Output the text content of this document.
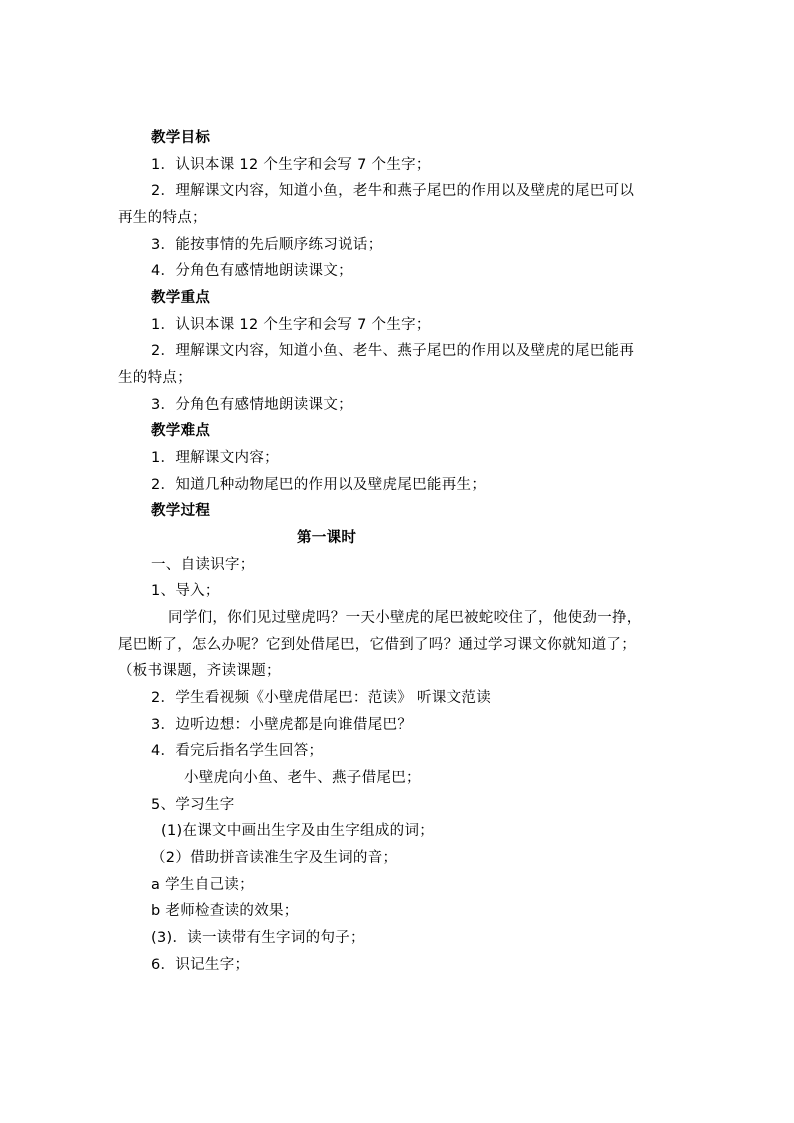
教学目标
1．认识本课 12 个生字和会写 7 个生字；
2．理解课文内容，知道小鱼，老牛和燕子尾巴的作用以及壁虎的尾巴可以
再生的特点；
3．能按事情的先后顺序练习说话；
4．分角色有感情地朗读课文；
教学重点
1．认识本课 12 个生字和会写 7 个生字；
2．理解课文内容，知道小鱼、老牛、燕子尾巴的作用以及壁虎的尾巴能再
生的特点；
3．分角色有感情地朗读课文；
教学难点
1．理解课文内容；
2．知道几种动物尾巴的作用以及壁虎尾巴能再生；
教学过程
第一课时
一、自读识字；
1、导入；
同学们，你们见过壁虎吗？一天小壁虎的尾巴被蛇咬住了，他使劲一挣，
尾巴断了，怎么办呢？它到处借尾巴，它借到了吗？通过学习课文你就知道了；
（板书课题，齐读课题；
2．学生看视频《小壁虎借尾巴：范读》 听课文范读
3．边听边想：小壁虎都是向谁借尾巴？
4．看完后指名学生回答；
小壁虎向小鱼、老牛、燕子借尾巴；
5、学习生字
(1)在课文中画出生字及由生字组成的词；
（2）借助拼音读准生字及生词的音；
a 学生自己读；
b 老师检查读的效果；
(3)．读一读带有生字词的句子；
6．识记生字；
